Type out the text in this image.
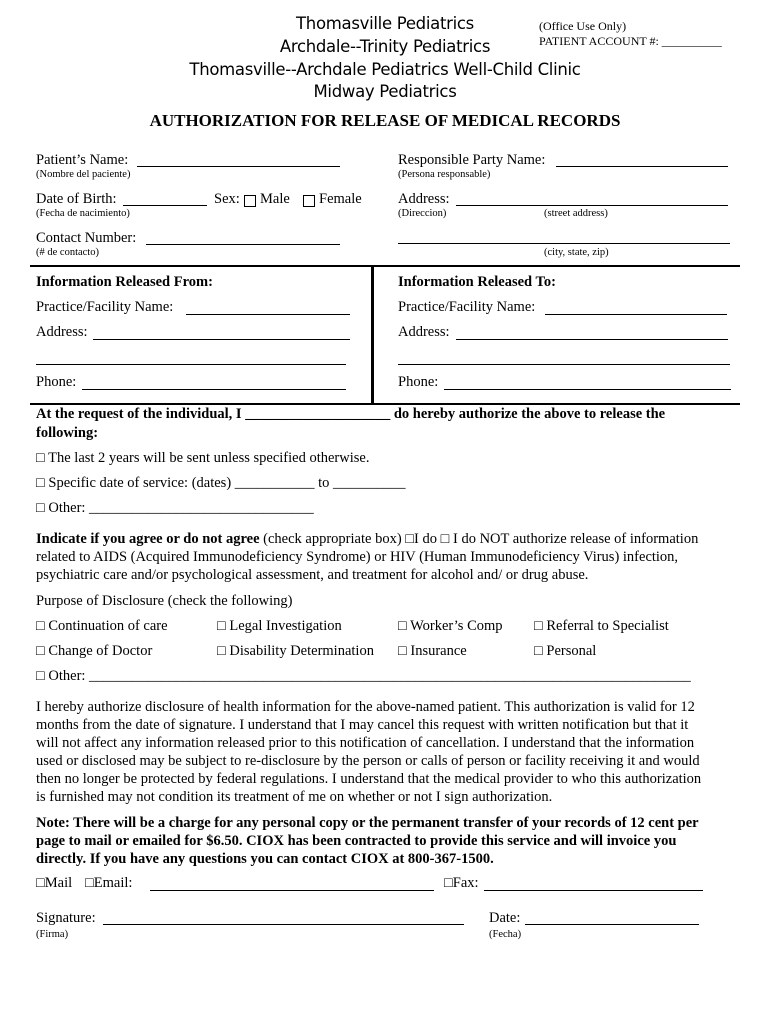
Thomasville Pediatrics
Archdale--Trinity Pediatrics
Thomasville--Archdale Pediatrics Well-Child Clinic
Midway Pediatrics
(Office Use Only)
PATIENT ACCOUNT #: __________
AUTHORIZATION FOR RELEASE OF MEDICAL RECORDS
Patient’s Name:
(Nombre del paciente)
Date of Birth:	Sex: Male Female
(Fecha de nacimiento)
Contact Number:
(# de contacto)
Responsible Party Name:
(Persona responsable)
Address:
(Direccion)	(street address)
(city, state, zip)
Information Released From:
Practice/Facility Name:
Address:
Phone:
Information Released To:
Practice/Facility Name:
Address:
Phone:
At the request of the individual, I ____________________ do hereby authorize the above to release the
following:
□ The last 2 years will be sent unless specified otherwise.
□ Specific date of service: (dates) ___________ to __________
□ Other: _______________________________
Indicate if you agree or do not agree (check appropriate box) □I do □ I do NOT authorize release of information
related to AIDS (Acquired Immunodeficiency Syndrome) or HIV (Human Immunodeficiency Virus) infection,
psychiatric care and/or psychological assessment, and treatment for alcohol and/ or drug abuse.
Purpose of Disclosure (check the following)
□ Continuation of care	□ Legal Investigation	□ Worker’s Comp □ Referral to Specialist
□ Change of Doctor	□ Disability Determination □ Insurance	□ Personal
□ Other: ___________________________________________________________________________________
I hereby authorize disclosure of health information for the above-named patient. This authorization is valid for 12
months from the date of signature. I understand that I may cancel this request with written notification but that it
will not affect any information released prior to this notification of cancellation. I understand that the information
used or disclosed may be subject to re-disclosure by the person or calls of person or facility receiving it and would
then no longer be protected by federal regulations. I understand that the medical provider to who this authorization
is furnished may not condition its treatment of me on whether or not I sign authorization.
Note: There will be a charge for any personal copy or the permanent transfer of your records of 12 cent per
page to mail or emailed for $6.50. CIOX has been contracted to provide this service and will invoice you
directly. If you have any questions you can contact CIOX at 800-367-1500.
□Mail □Email:	□Fax:
Signature:
(Firma)
Date:
(Fecha)
